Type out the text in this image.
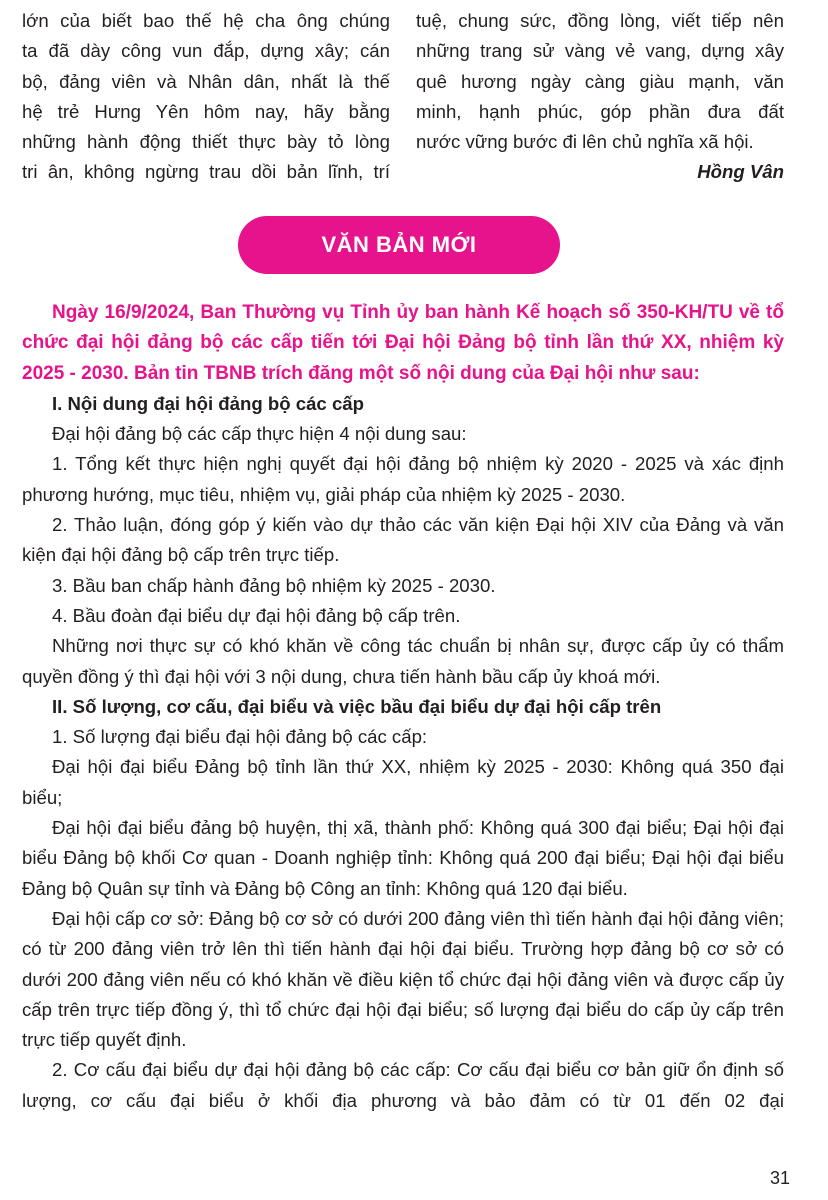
lớn của biết bao thế hệ cha ông chúng

ta đã dày công vun đắp, dựng xây; cán

bộ, đảng viên và Nhân dân, nhất là thế

hệ trẻ Hưng Yên hôm nay, hãy bằng

những hành động thiết thực bày tỏ lòng

tri ân, không ngừng trau dồi bản lĩnh, trí

tuệ, chung sức, đồng lòng, viết tiếp nên

những trang sử vàng vẻ vang, dựng xây

quê hương ngày càng giàu mạnh, văn

minh, hạnh phúc, góp phần đưa đất

nước vững bước đi lên chủ nghĩa xã hội.

Hồng Vân

VĂN BẢN MỚI

Ngày 16/9/2024, Ban Thường vụ Tỉnh ủy ban hành Kế hoạch số 350-KH/TU về tổ chức đại hội đảng bộ các cấp tiến tới Đại hội Đảng bộ tỉnh lần thứ XX, nhiệm kỳ 2025 - 2030. Bản tin TBNB trích đăng một số nội dung của Đại hội như sau:

I. Nội dung đại hội đảng bộ các cấp

Đại hội đảng bộ các cấp thực hiện 4 nội dung sau:

1. Tổng kết thực hiện nghị quyết đại hội đảng bộ nhiệm kỳ 2020 - 2025 và xác định phương hướng, mục tiêu, nhiệm vụ, giải pháp của nhiệm kỳ 2025 - 2030.

2. Thảo luận, đóng góp ý kiến vào dự thảo các văn kiện Đại hội XIV của Đảng và văn kiện đại hội đảng bộ cấp trên trực tiếp.

3. Bầu ban chấp hành đảng bộ nhiệm kỳ 2025 - 2030.

4. Bầu đoàn đại biểu dự đại hội đảng bộ cấp trên.

Những nơi thực sự có khó khăn về công tác chuẩn bị nhân sự, được cấp ủy có thẩm quyền đồng ý thì đại hội với 3 nội dung, chưa tiến hành bầu cấp ủy khoá mới.

II. Số lượng, cơ cấu, đại biểu và việc bầu đại biểu dự đại hội cấp trên

1. Số lượng đại biểu đại hội đảng bộ các cấp:

Đại hội đại biểu Đảng bộ tỉnh lần thứ XX, nhiệm kỳ 2025 - 2030: Không quá 350 đại biểu;

Đại hội đại biểu đảng bộ huyện, thị xã, thành phố: Không quá 300 đại biểu; Đại hội đại biểu Đảng bộ khối Cơ quan - Doanh nghiệp tỉnh: Không quá 200 đại biểu; Đại hội đại biểu Đảng bộ Quân sự tỉnh và Đảng bộ Công an tỉnh: Không quá 120 đại biểu.

Đại hội cấp cơ sở: Đảng bộ cơ sở có dưới 200 đảng viên thì tiến hành đại hội đảng viên; có từ 200 đảng viên trở lên thì tiến hành đại hội đại biểu. Trường hợp đảng bộ cơ sở có dưới 200 đảng viên nếu có khó khăn về điều kiện tổ chức đại hội đảng viên và được cấp ủy cấp trên trực tiếp đồng ý, thì tổ chức đại hội đại biểu; số lượng đại biểu do cấp ủy cấp trên trực tiếp quyết định.

2. Cơ cấu đại biểu dự đại hội đảng bộ các cấp: Cơ cấu đại biểu cơ bản giữ ổn định số lượng, cơ cấu đại biểu ở khối địa phương và bảo đảm có từ 01 đến 02 đại

31
